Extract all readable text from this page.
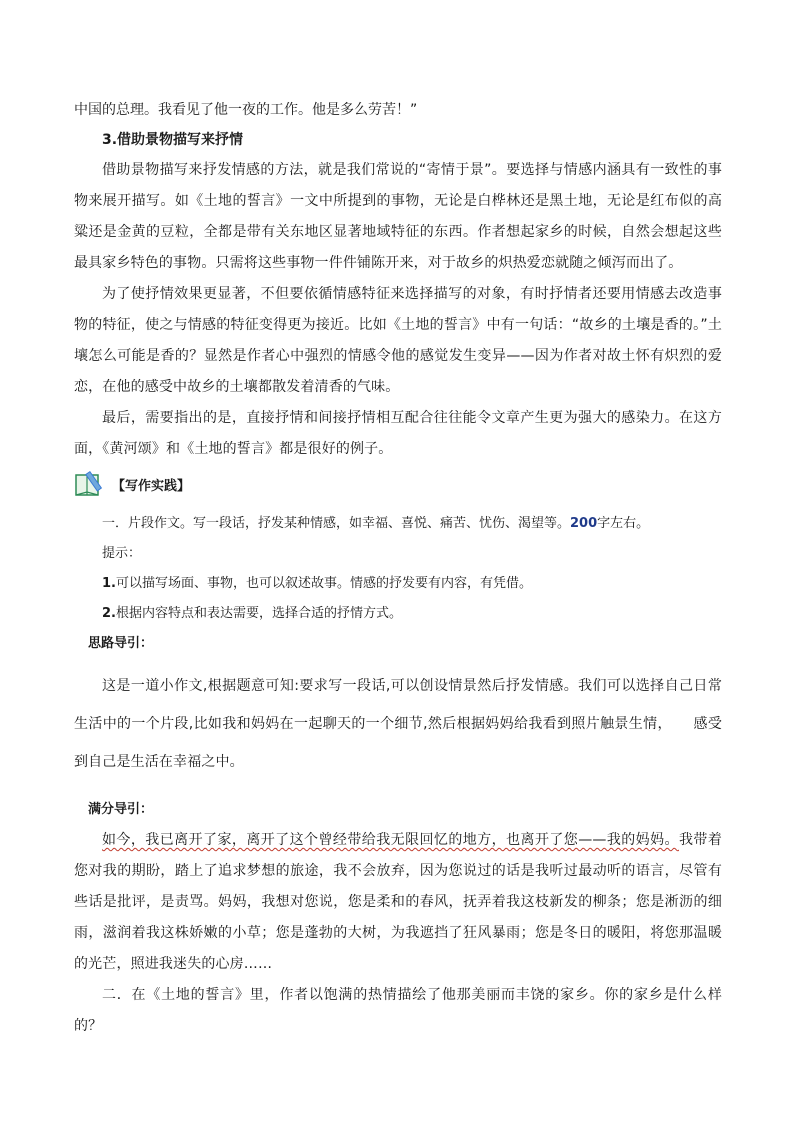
中国的总理。我看见了他一夜的工作。他是多么劳苦！”

3.借助景物描写来抒情

借助景物描写来抒发情感的方法，就是我们常说的“寄情于景”。要选择与情感内涵具有一致性的事物来展开描写。如《土地的誓言》一文中所提到的事物，无论是白桦林还是黑土地，无论是红布似的高粱还是金黄的豆粒，全都是带有关东地区显著地域特征的东西。作者想起家乡的时候，自然会想起这些最具家乡特色的事物。只需将这些事物一件件铺陈开来，对于故乡的炽热爱恋就随之倾泻而出了。

为了使抒情效果更显著，不但要依循情感特征来选择描写的对象，有时抒情者还要用情感去改造事物的特征，使之与情感的特征变得更为接近。比如《土地的誓言》中有一句话：“故乡的土壤是香的。”土壤怎么可能是香的？显然是作者心中强烈的情感令他的感觉发生变异——因为作者对故土怀有炽烈的爱恋，在他的感受中故乡的土壤都散发着清香的气味。

最后，需要指出的是，直接抒情和间接抒情相互配合往往能令文章产生更为强大的感染力。在这方面，《黄河颂》和《土地的誓言》都是很好的例子。

【写作实践】

一．片段作文。写一段话，抒发某种情感，如幸福、喜悦、痛苦、忧伤、渴望等。200字左右。

提示：

1.可以描写场面、事物，也可以叙述故事。情感的抒发要有内容，有凭借。

2.根据内容特点和表达需要，选择合适的抒情方式。

思路导引：

这是一道小作文,根据题意可知:要求写一段话,可以创设情景然后抒发情感。我们可以选择自己日常生活中的一个片段,比如我和妈妈在一起聊天的一个细节,然后根据妈妈给我看到照片触景生情，　　感受到自己是生活在幸福之中。

满分导引：

如今，我已离开了家，离开了这个曾经带给我无限回忆的地方，也离开了您——我的妈妈。我带着您对我的期盼，踏上了追求梦想的旅途，我不会放弃，因为您说过的话是我听过最动听的语言，尽管有些话是批评，是责骂。妈妈，我想对您说，您是柔和的春风，抚弄着我这枝新发的柳条；您是淅沥的细雨，滋润着我这株娇嫩的小草；您是蓬勃的大树，为我遮挡了狂风暴雨；您是冬日的暖阳，将您那温暖的光芒，照进我迷失的心房……

二．在《土地的誓言》里，作者以饱满的热情描绘了他那美丽而丰饶的家乡。你的家乡是什么样的？
